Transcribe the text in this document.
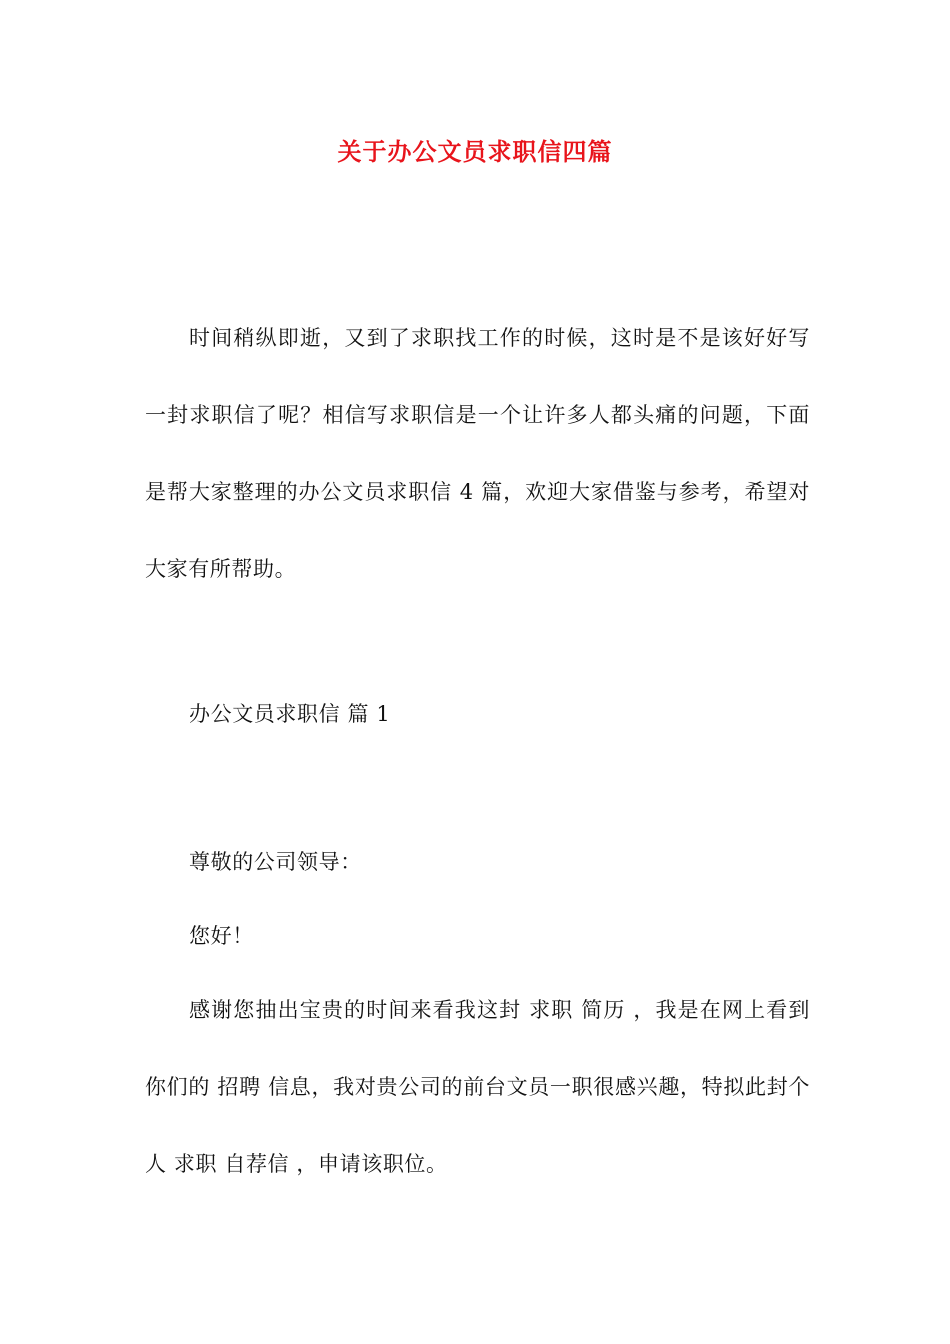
关于办公文员求职信四篇

时间稍纵即逝，又到了求职找工作的时候，这时是不是该好好写一封求职信了呢？相信写求职信是一个让许多人都头痛的问题，下面是帮大家整理的办公文员求职信 4 篇，欢迎大家借鉴与参考，希望对大家有所帮助。

办公文员求职信 篇 1

尊敬的公司领导：

您好！

感谢您抽出宝贵的时间来看我这封 求职 简历 ，我是在网上看到你们的 招聘 信息，我对贵公司的前台文员一职很感兴趣，特拟此封个人 求职 自荐信 ，申请该职位。
